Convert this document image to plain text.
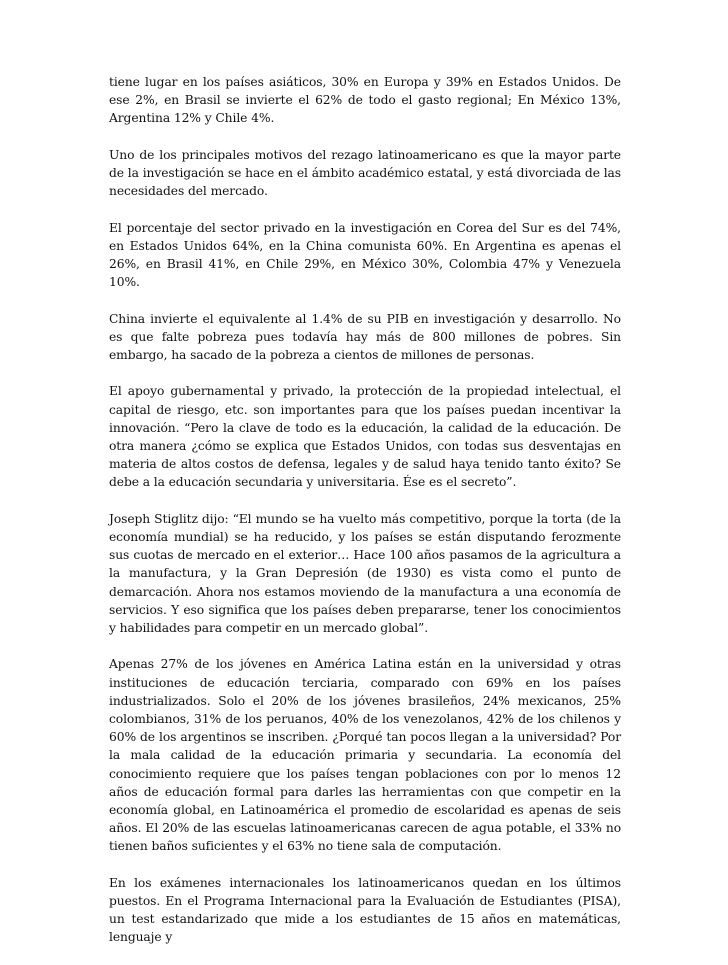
tiene lugar en los países asiáticos, 30% en Europa y 39% en Estados Unidos. De ese 2%, en Brasil se invierte el 62% de todo el gasto regional; En México 13%, Argentina 12% y Chile 4%.

Uno de los principales motivos del rezago latinoamericano es que la mayor parte de la investigación se hace en el ámbito académico estatal, y está divorciada de las necesidades del mercado.

El porcentaje del sector privado en la investigación en Corea del Sur es del 74%, en Estados Unidos 64%, en la China comunista 60%. En Argentina es apenas el 26%, en Brasil 41%, en Chile 29%, en México 30%, Colombia 47% y Venezuela 10%.

China invierte el equivalente al 1.4% de su PIB en investigación y desarrollo. No es que falte pobreza pues todavía hay más de 800 millones de pobres. Sin embargo, ha sacado de la pobreza a cientos de millones de personas.

El apoyo gubernamental y privado, la protección de la propiedad intelectual, el capital de riesgo, etc. son importantes para que los países puedan incentivar la innovación. “Pero la clave de todo es la educación, la calidad de la educación. De otra manera ¿cómo se explica que Estados Unidos, con todas sus desventajas en materia de altos costos de defensa, legales y de salud haya tenido tanto éxito? Se debe a la educación secundaria y universitaria. Ése es el secreto”.

Joseph Stiglitz dijo: “El mundo se ha vuelto más competitivo, porque la torta (de la economía mundial) se ha reducido, y los países se están disputando ferozmente sus cuotas de mercado en el exterior… Hace 100 años pasamos de la agricultura a la manufactura, y la Gran Depresión (de 1930) es vista como el punto de demarcación. Ahora nos estamos moviendo de la manufactura a una economía de servicios. Y eso significa que los países deben prepararse, tener los conocimientos y habilidades para competir en un mercado global”.

Apenas 27% de los jóvenes en América Latina están en la universidad y otras instituciones de educación terciaria, comparado con 69% en los países industrializados. Solo el 20% de los jóvenes brasileños, 24% mexicanos, 25% colombianos, 31% de los peruanos, 40% de los venezolanos, 42% de los chilenos y 60% de los argentinos se inscriben. ¿Porqué tan pocos llegan a la universidad? Por la mala calidad de la educación primaria y secundaria. La economía del conocimiento requiere que los países tengan poblaciones con por lo menos 12 años de educación formal para darles las herramientas con que competir en la economía global, en Latinoamérica el promedio de escolaridad es apenas de seis años. El 20% de las escuelas latinoamericanas carecen de agua potable, el 33% no tienen baños suficientes y el 63% no tiene sala de computación.

En los exámenes internacionales los latinoamericanos quedan en los últimos puestos. En el Programa Internacional para la Evaluación de Estudiantes (PISA), un test estandarizado que mide a los estudiantes de 15 años en matemáticas, lenguaje y
